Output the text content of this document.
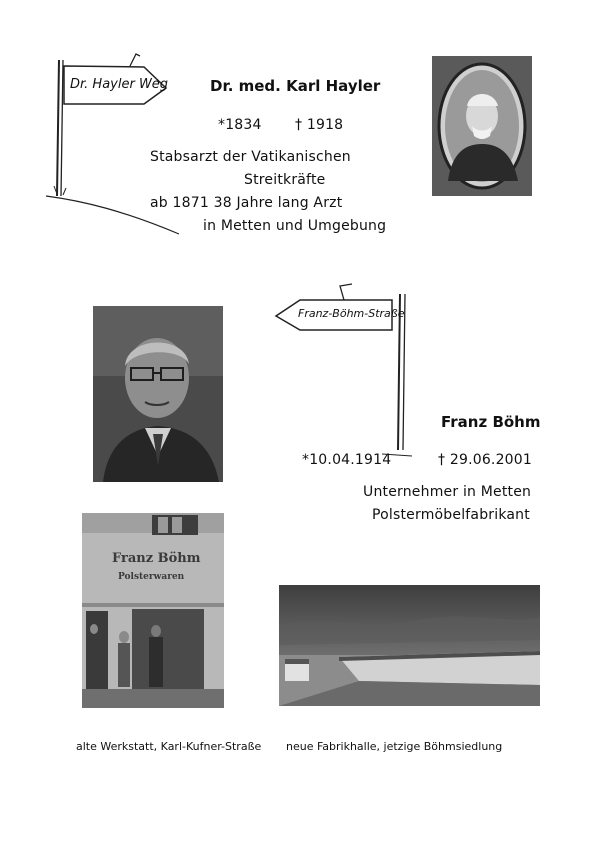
Dr. Hayler Weg	Dr. med. Karl Hayler
*1834 † 1918
Stabsarzt der Vatikanischen
Streitkräfte
ab 1871 38 Jahre lang Arzt
in Metten und Umgebung
Franz-Böhm-Straße
Franz Böhm
*10.04.1914	† 29.06.2001
Unternehmer in Metten
Polstermöbelfabrikant
Franz Böhm
Polsterwaren
alte Werkstatt, Karl-Kufner-Straße neue Fabrikhalle, jetzige Böhmsiedlung
